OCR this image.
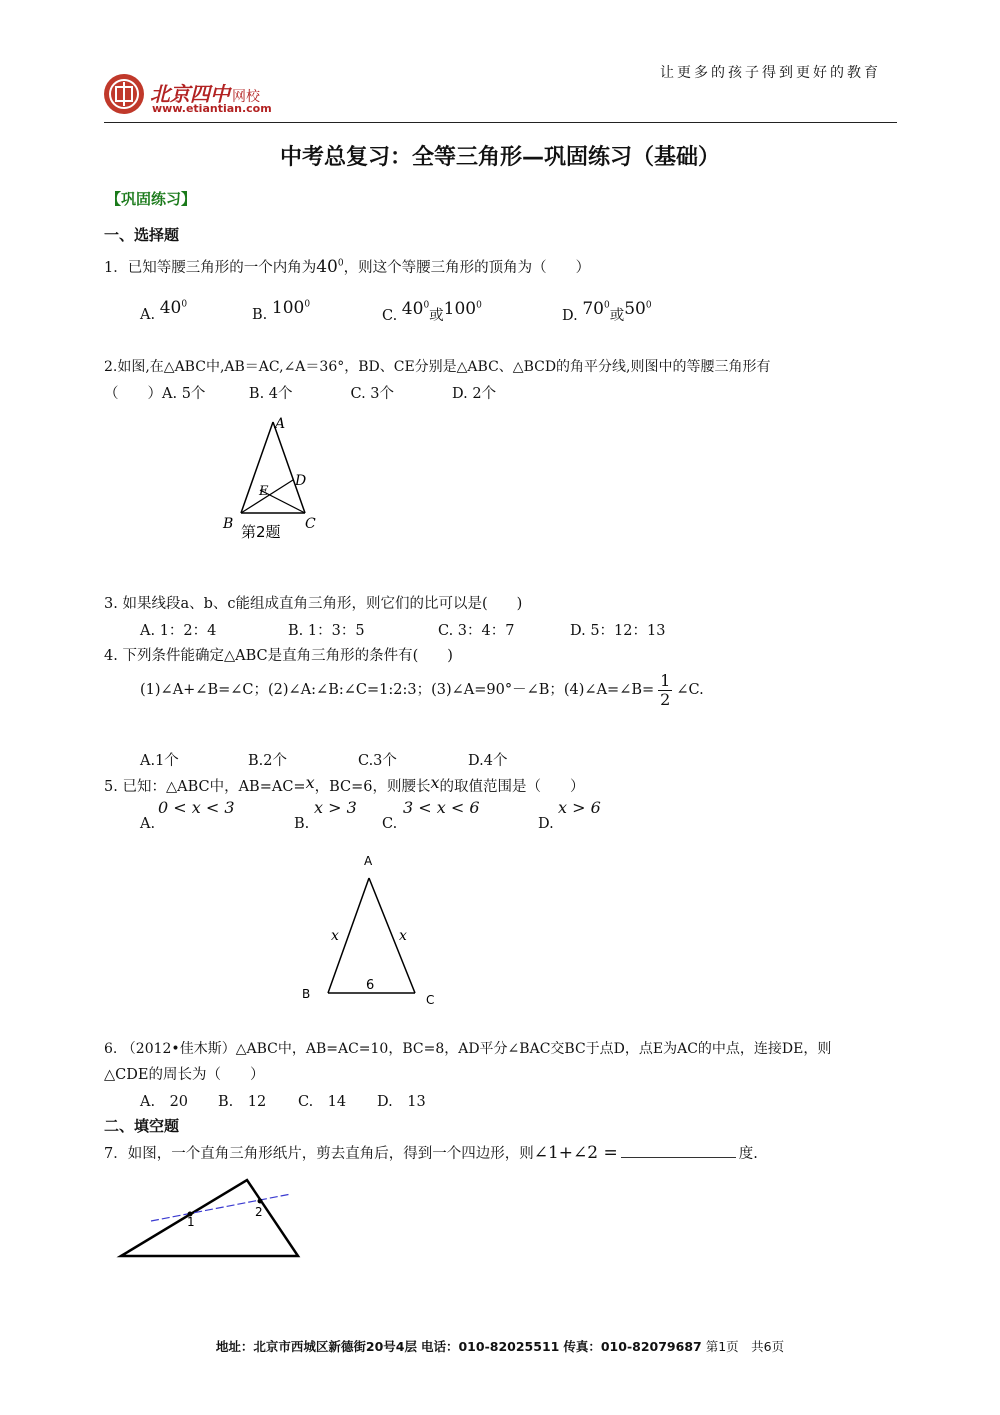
北京四中 网校
www.etiantian.com
让更多的孩子得到更好的教育
中考总复习：全等三角形—巩固练习（基础）
【巩固练习】
一、选择题
1．已知等腰三角形的一个内角为$40^0$，则这个等腰三角形的顶角为（　　）
A. $40^0$
B. $100^0$
C. $40^0$或$100^0$
D. $70^0$或$50^0$
2.如图,在△ABC中,AB＝AC,∠A＝36°，BD、CE分别是△ABC、△BCD的角平分线,则图中的等腰三角形有
（　　）A. 5个　　　B. 4个　　　　C. 3个　　　　D. 2个
A
D
E
B	C
第2题
3. 如果线段a、b、c能组成直角三角形，则它们的比可以是(　　)
A. 1：2：4	B. 1：3：5	C. 3：4：7	D. 5：12：13
4. 下列条件能确定△ABC是直角三角形的条件有(　　)
(1)∠A+∠B=∠C；(2)∠A:∠B:∠C=1:2:3；(3)∠A=90°－∠B；(4)∠A=∠B= $\frac{1}{2}$ ∠C.
A.1个	B.2个	C.3个	D.4个
5. 已知：△ABC中，AB=AC=x，BC=6，则腰长x的取值范围是（　　）
0 < x < 3	x > 3	3 < x < 6	x > 6
A.	B.	C.	D.
A
x	x
6
B	C
6. （2012•佳木斯）△ABC中，AB=AC=10，BC=8，AD平分∠BAC交BC于点D，点E为AC的中点，连接DE，则
△CDE的周长为（　　）
A.　20 B.　12 C.　14 D.　13
二、填空题
7．如图，一个直角三角形纸片，剪去直角后，得到一个四边形，则∠1+∠2 =	度.
1
2
地址：北京市西城区新德街20号4层 电话：010-82025511 传真：010-82079687 第1页　共6页
